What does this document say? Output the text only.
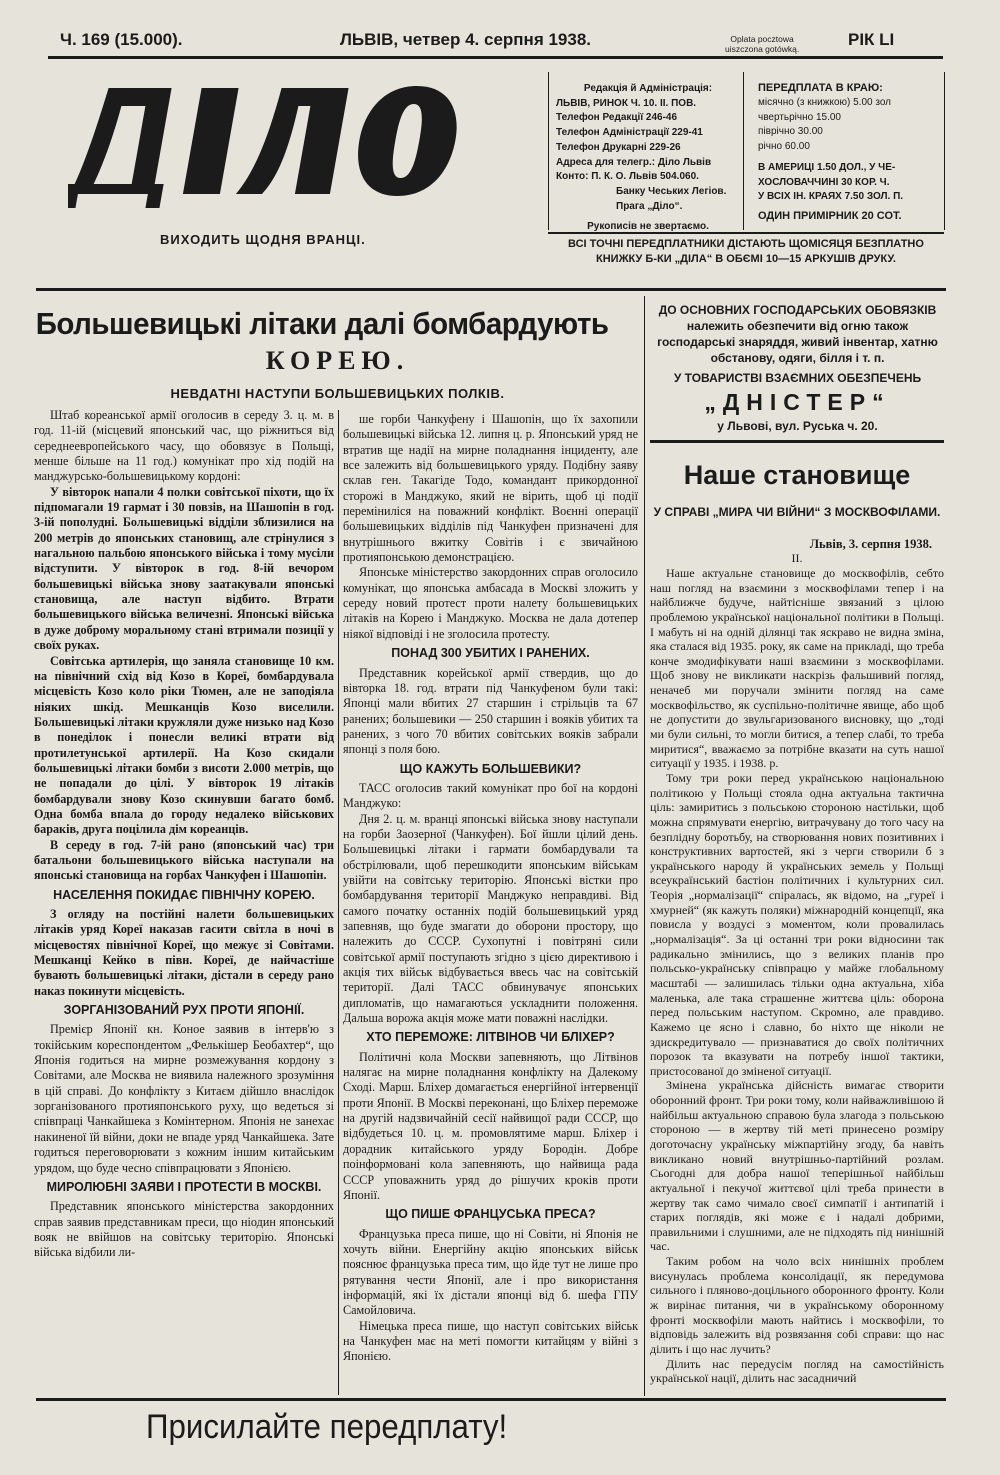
Ч. 169 (15.000).	ЛЬВІВ, четвер 4. серпня 1938.	Oplata pocztowa
uiszczona gotówką.	РІК LI
ВИХОДИТЬ ЩОДНЯ ВРАНЦІ.
Редакція й Адміністрація:
ЛЬВІВ, РИНОК Ч. 10. II. ПОВ.
Телефон Редакції 246-46
Телефон Адміністрації 229-41
Телефон Друкарні 229-26
Адреса для телегр.: Діло Львів
Конто: П. К. О. Львів 504.060.
Банку Чеських Легіов.
Прага „Діло“.
Рукописів не звертаємо.
ПЕРЕДПЛАТА В КРАЮ:
місячно (з книжкою) 5.00 зол
чвертьрічно 15.00
піврічно 30.00
річно 60.00
В АМЕРИЦІ 1.50 ДОЛ., У ЧЕ-
ХОСЛОВАЧЧИНІ 30 КОР. Ч.
У ВСІХ ІН. КРАЯХ 7.50 ЗОЛ. П.
ОДИН ПРИМІРНИК 20 СОТ.
ВСІ ТОЧНІ ПЕРЕДПЛАТНИКИ ДІСТАЮТЬ ЩОМІСЯЦЯ БЕЗПЛАТНО
КНИЖКУ Б-КИ „ДІЛА“ В ОБЄМІ 10—15 АРКУШІВ ДРУКУ.
Большевицькі літаки далі бомбардують
КОРЕЮ.
НЕВДАТНІ НАСТУПИ БОЛЬШЕВИЦЬКИХ ПОЛКІВ.

Штаб кореанської армії оголосив в середу 3. ц. м. в год. 11-ій (місцевий японський час, що ріжниться від середнеевропейського часу, що обовязує в Польщі, менше більше на 11 год.) комунікат про хід подій на манджурсько-большевицькому кордоні:

У вівторок напали 4 полки совітської піхоти, що їх підпомагали 19 гармат і 30 повзів, на Шашопін в год. 3-ій пополудні. Большевицькі відділи зблизилися на 200 метрів до японських становищ, але стрінулися з нагальною пальбою японського війська і тому мусіли відступити. У вівторок в год. 8-ій вечором большевицькі війська знову заатакували японські становища, але наступ відбито. Втрати большевицького війська величезні. Японські війська в дуже доброму моральному стані втримали позиції у своїх руках.

Совітська артилерія, що заняла становище 10 км. на північний схід від Козо в Кореї, бомбардувала місцевість Козо коло ріки Тюмен, але не заподіяла ніяких шкід. Мешканців Козо виселили. Большевицькі літаки кружляли дуже низько над Козо в понеділок і понесли великі втрати від протилетунської артилерії. На Козо скидали большевицькі літаки бомби з висоти 2.000 метрів, що не попадали до цілі. У вівторок 19 літаків бомбардували знову Козо скинувши багато бомб. Одна бомба впала до городу недалеко військових бараків, друга поцілила дім кореанців.

В середу в год. 7-ій рано (японський час) три батальони большевицького війська наступали на японські становища на горбах Чанкуфен і Шашопін.

НАСЕЛЕННЯ ПОКИДАЄ ПІВНІЧНУ КОРЕЮ.

З огляду на постійні налети большевицьких літаків уряд Кореї наказав гасити світла в ночі в місцевостях північної Кореї, що межує зі Совітами. Мешканці Кейко в півн. Кореї, де найчастіше бувають большевицькі літаки, дістали в середу рано наказ покинути місцевість.

ЗОРГАНІЗОВАНИЙ РУХ ПРОТИ ЯПОНІЇ.

Премієр Японії кн. Коное заявив в інтерв'ю з токійським кореспондентом „Фелькішер Беобахтер“, що Японія годиться на мирне розмежування кордону з Совітами, але Москва не виявила належного зрозуміння в цій справі. До конфлікту з Китаєм дійшло внаслідок зорганізованого протияпонського руху, що ведеться зі співпраці Чанкайшека з Комінтерном. Японія не занехає накиненої їй війни, доки не впаде уряд Чанкайшека. Зате годиться переговорювати з кожним іншим китайським урядом, що буде чесно співпрацювати з Японією.

МИРОЛЮБНІ ЗАЯВИ І ПРОТЕСТИ В МОСКВІ.

Представник японського міністерства закордонних справ заявив представникам преси, що ніодин японський вояк не ввійшов на совітську територію. Японські війська відбили ли-

ше горби Чанкуфену і Шашопін, що їх захопили большевицькі війська 12. липня ц. р. Японський уряд не втратив ще надії на мирне поладнання інциденту, але все залежить від большевицького уряду. Подібну заяву склав ген. Такагіде Тодо, командант прикордонної сторожі в Манджуко, який не вірить, щоб ці події переміниліся на поважний конфлікт. Воєнні операції большевицьких відділів під Чанкуфен призначені для внутрішнього вжитку Совітів і є звичайною протияпонською демонстрацією.

Японське міністерство закордонних справ оголосило комунікат, що японська амбасада в Москві зложить у середу новий протест проти налету большевицьких літаків на Корею і Манджуко. Москва не дала дотепер ніякої відповіді і не зголосила протесту.

ПОНАД 300 УБИТИХ І РАНЕНИХ.

Представник корейської армії ствердив, що до вівторка 18. год. втрати під Чанкуфеном були такі: Японці мали вбитих 27 старшин і стрільців та 67 ранених; большевики — 250 старшин і вояків убитих та ранених, з чого 70 вбитих совітських вояків забрали японці з поля бою.

ЩО КАЖУТЬ БОЛЬШЕВИКИ?

ТАСС оголосив такий комунікат про бої на кордоні Манджуко:

Дня 2. ц. м. вранці японські війська знову наступали на горби Заозерної (Чанкуфен). Бої йшли цілий день. Большевицькі літаки і гармати бомбардували та обстрілювали, щоб перешкодити японським військам увійти на совітську територію. Японські вістки про бомбардування території Манджуко неправдиві. Від самого початку останніх подій большевицький уряд запевняв, що буде змагати до оборони простору, що належить до СССР. Сухопутні і повітряні сили совітської армії поступають згідно з цією директивою і акція тих військ відбувається ввесь час на совітській території. Далі ТАСС обвинувачує японських дипломатів, що намагаються ускладнити положення. Дальша ворожа акція може мати поважні наслідки.

ХТО ПЕРЕМОЖЕ: ЛІТВІНОВ ЧИ БЛІХЕР?

Політичні кола Москви запевняють, що Літвінов налягає на мирне поладнання конфлікту на Далекому Сході. Марш. Бліхер домагається енергійної інтервенції проти Японії. В Москві переконані, що Бліхер переможе на другій надзвичайній сесії найвищої ради СССР, що відбудеться 10. ц. м. промовлятиме марш. Бліхер і дорадник китайського уряду Бородін. Добре поінформовані кола запевняють, що найвища рада СССР уповажнить уряд до рішучих кроків проти Японії.

ЩО ПИШЕ ФРАНЦУСЬКА ПРЕСА?

Французька преса пише, що ні Совіти, ні Японія не хочуть війни. Енергійну акцію японських військ пояснює французька преса тим, що йде тут не лише про рятування чести Японії, але і про використання інформацій, які їх дістали японці від б. шефа ГПУ Самойловича.

Німецька преса пише, що наступ совітських військ на Чанкуфен має на меті помогти китайцям у війні з Японією.

ДО ОСНОВНИХ ГОСПОДАРСЬКИХ ОБОВЯЗКІВ
належить обезпечити від огню також господарські знаряддя, живий інвентар, хатню обстанову, одяги, білля і т. п.
У ТОВАРИСТВІ ВЗАЄМНИХ ОБЕЗПЕЧЕНЬ
„ДНІСТЕР“
у Львові, вул. Руська ч. 20.
Наше становище
У СПРАВІ „МИРА ЧИ ВІЙНИ“ З МОСКВОФІЛАМИ.
Львів, 3. серпня 1938.
II.

Наше актуальне становище до москвофілів, себто наш погляд на взаємини з москвофілами тепер і на найближче будуче, найтісніше звязаний з цілою проблемою української національної політики в Польщі. І мабуть ні на одній ділянці так яскраво не видна зміна, яка сталася від 1935. року, як саме на прикладі, що треба конче змодифікувати наші взаємини з москвофілами. Щоб знову не викликати наскрізь фальшивий погляд, неначеб ми поручали змінити погляд на саме москвофільство, як суспільно-політичне явище, або щоб не допустити до звульгаризованого висновку, що „тоді ми були сильні, то могли битися, а тепер слабі, то треба миритися“, вважаємо за потрібне вказати на суть нашої ситуації у 1935. і 1938. р.

Тому три роки перед українською національною політикою у Польщі стояла одна актуальна тактична ціль: замиритись з польською стороною настільки, щоб можна спрямувати енергію, витрачувану до того часу на безплідну боротьбу, на створювання нових позитивних і конструктивних вартостей, які з черги створили б з українського народу й українських земель у Польщі всеукраїнський бастіон політичних і культурних сил. Теорія „нормалізації“ спіралась, як відомо, на „гуреї і хмурней“ (як кажуть поляки) міжнародній концепції, яка повисла у воздусі з моментом, коли провалилась „нормалізація“. За ці останні три роки відносини так радикально змінились, що з великих планів про польсько-українську співпрацю у майже глобальному масштабі — залишилась тільки одна актуальна, хіба маленька, але така страшенне життєва ціль: оборона перед польським наступом. Скромно, але правдиво. Кажемо це ясно і славно, бо ніхто ще ніколи не здискредитувало — признаватися до своїх політичних порозок та вказувати на потребу іншої тактики, пристосованої до зміненої ситуації.

Змінена українська дійсність вимагає створити оборонний фронт. Три роки тому, коли найважливішою й найбільш актуальною справою була злагода з польською стороною — в жертву тій меті принесено розміру доготочасну українську міжпартійну згоду, ба навіть викликано новий внутрішньо-партійний розлам. Сьогодні для добра нашої теперішньої найбільш актуальної і пекучої життєвої цілі треба принести в жертву так само чимало своєї симпатії і антипатій і старих поглядів, які може є і надалі добрими, правильними і слушними, але не підходять під нинішній час.

Таким робом на чоло всіх нинішніх проблем висунулась проблема консолідації, як передумова сильного і пляново-доцільного оборонного фронту. Коли ж вирінає питання, чи в українському оборонному фронті москвофіли мають найтись і москвофіли, то відповідь залежить від розвязання собі справи: що нас ділить і що нас лучить?

Ділить нас передусім погляд на самостійність української нації, ділить нас засадничий

Присилайте передплату!
